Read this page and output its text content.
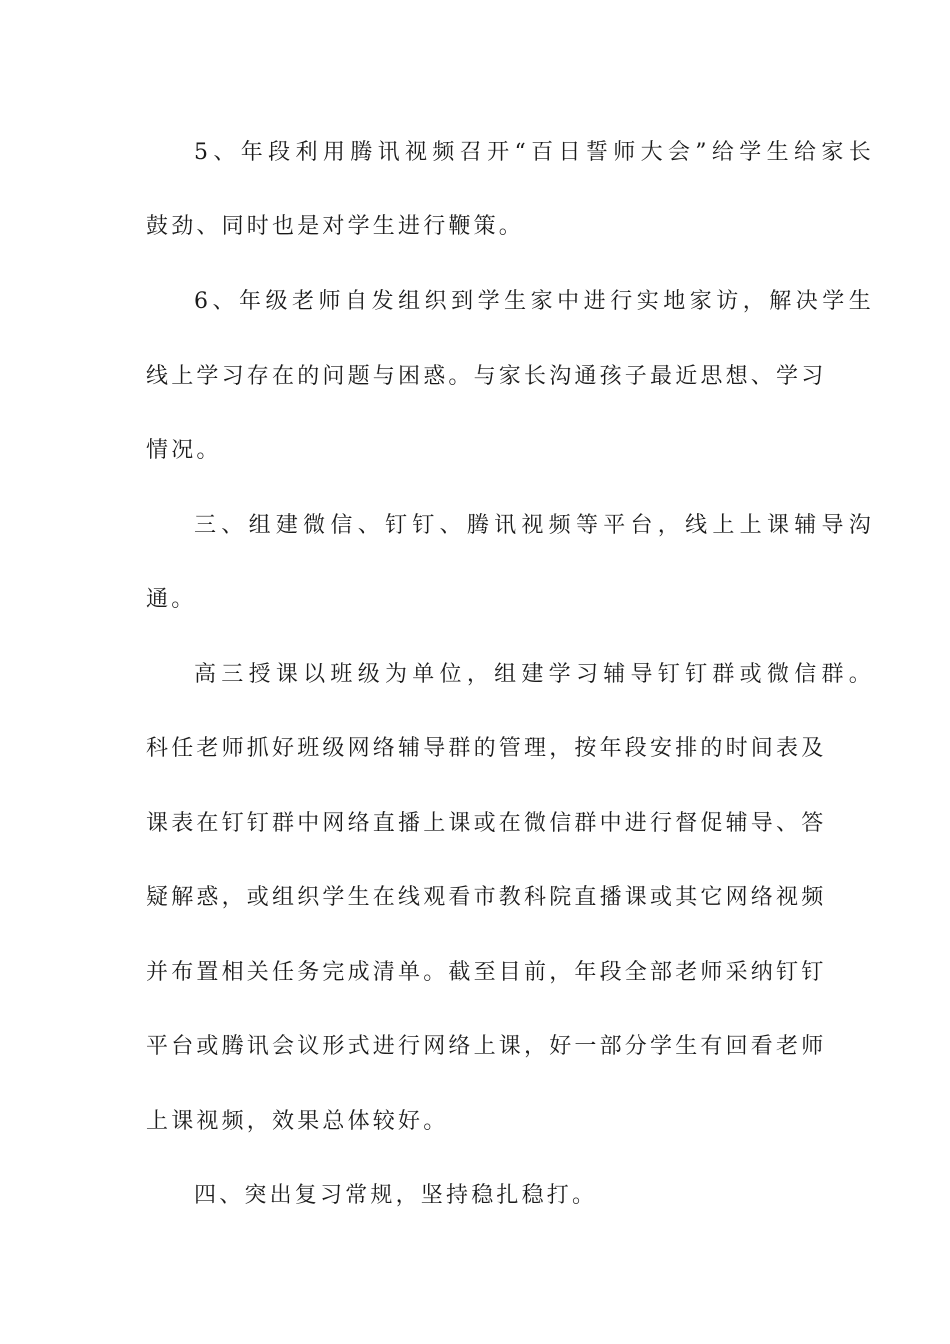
5、年段利用腾讯视频召开“百日誓师大会”给学生给家长
鼓劲、同时也是对学生进行鞭策。
6、年级老师自发组织到学生家中进行实地家访，解决学生
线上学习存在的问题与困惑。与家长沟通孩子最近思想、学习
情况。
三、组建微信、钉钉、腾讯视频等平台，线上上课辅导沟
通。
高三授课以班级为单位，组建学习辅导钉钉群或微信群。
科任老师抓好班级网络辅导群的管理，按年段安排的时间表及
课表在钉钉群中网络直播上课或在微信群中进行督促辅导、答
疑解惑，或组织学生在线观看市教科院直播课或其它网络视频
并布置相关任务完成清单。截至目前，年段全部老师采纳钉钉
平台或腾讯会议形式进行网络上课，好一部分学生有回看老师
上课视频，效果总体较好。
四、突出复习常规，坚持稳扎稳打。
